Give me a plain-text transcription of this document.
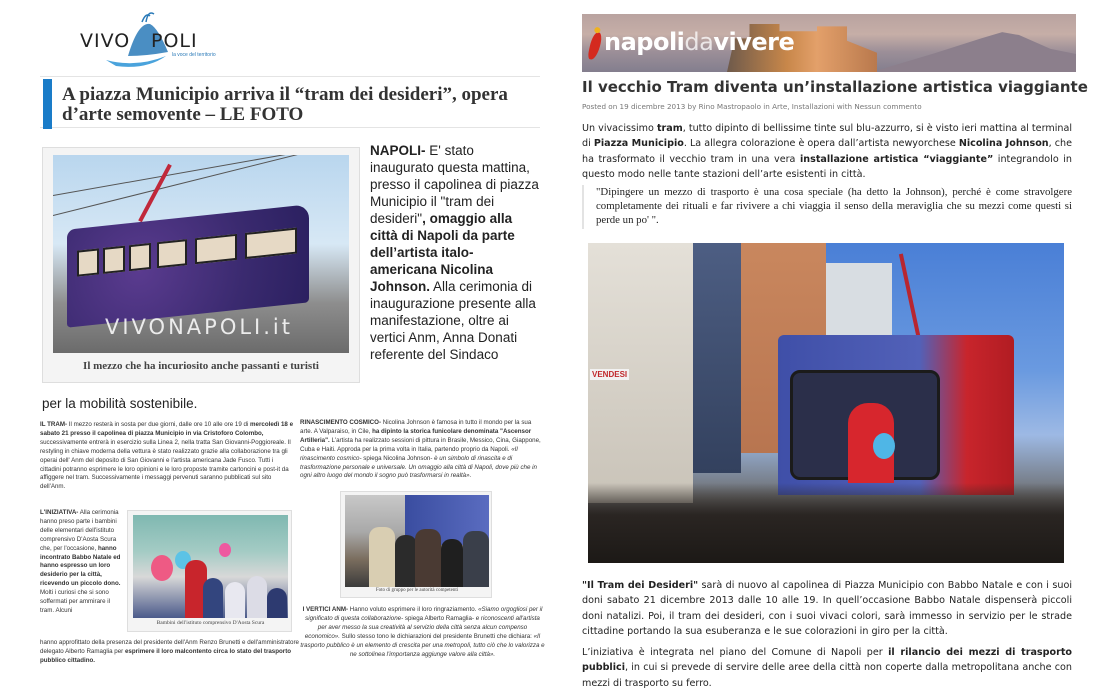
VIVO POLI
la voce del territorio
A piazza Municipio arriva il “tram dei desideri”, opera d’arte semovente – LE FOTO
VIVONAPOLI.it
Il mezzo che ha incuriosito anche passanti e turisti

NAPOLI- E' stato inaugurato questa mattina, presso il capolinea di piazza Municipio il "tram dei desideri", omaggio alla città di Napoli da parte dell’artista italo-americana Nicolina Johnson. Alla cerimonia di inaugurazione presente alla manifestazione, oltre ai vertici Anm, Anna Donati referente del Sindaco

per la mobilità sostenibile.

IL TRAM- Il mezzo resterà in sosta per due giorni, dalle ore 10 alle ore 19 di mercoledì 18 e sabato 21 presso il capolinea di piazza Municipio in via Cristoforo Colombo, successivamente entrerà in esercizio sulla Linea 2, nella tratta San Giovanni-Poggioreale. Il restyling in chiave moderna della vettura è stato realizzato grazie alla collaborazione tra gli operai dell' Anm del deposito di San Giovanni e l'artista americana Jade Fusco. Tutti i cittadini potranno esprimere le loro opinioni e le loro proposte tramite cartoncini e post-it da affiggere nel tram. Successivamente i messaggi pervenuti saranno pubblicati sul sito dell'Anm.

RINASCIMENTO COSMICO- Nicolina Johnson è famosa in tutto il mondo per la sua arte. A Valparaiso, in Cile, ha dipinto la storica funicolare denominata "Ascensor Artilleria". L'artista ha realizzato sessioni di pittura in Brasile, Messico, Cina, Giappone, Cuba e Haiti. Approda per la prima volta in Italia, partendo proprio da Napoli. «Il rinascimento cosmico- spiega Nicolina Johnson- è un simbolo di rinascita e di trasformazione personale e universale. Un omaggio alla città di Napoli, dove più che in ogni altro luogo del mondo il sogno può trasformarsi in realtà».

L'INIZIATIVA- Alla cerimonia hanno preso parte i bambini delle elementari dell'istituto comprensivo D'Aosta Scura che, per l'occasione, hanno incontrato Babbo Natale ed hanno espresso un loro desiderio per la città, ricevendo un piccolo dono. Molti i curiosi che si sono soffermati per ammirare il tram. Alcuni

hanno approfittato della presenza del presidente dell'Anm Renzo Brunetti e dell'amministratore delegato Alberto Ramaglia per esprimere il loro malcontento circa lo stato del trasporto pubblico cittadino.

Bambini dell'istituto comprensivo D'Aosta Scura
Foto di gruppo per le autorità competenti

I VERTICI ANM- Hanno voluto esprimere il loro ringraziamento. «Siamo orgogliosi per il significato di questa collaborazione- spiega Alberto Ramaglia- e riconoscenti all'artista per aver messo la sua creatività al servizio della città senza alcun compenso economico». Sullo stesso tono le dichiarazioni del presidente Brunetti che dichiara: «Il trasporto pubblico è un elemento di crescita per una metropoli, tutto ciò che lo valorizza e ne sottolinea l'importanza aggiunge valore alla città».

napolidavivere
Il vecchio Tram diventa un’installazione artistica viaggiante
Posted on 19 dicembre 2013 by Rino Mastropaolo in Arte, Installazioni with Nessun commento

Un vivacissimo tram, tutto dipinto di bellissime tinte sul blu-azzurro, si è visto ieri mattina al terminal di Piazza Municipio. La allegra colorazione è opera dall’artista newyorchese Nicolina Johnson, che ha trasformato il vecchio tram in una vera installazione artistica “viaggiante” integrandolo in questo modo nelle tante stazioni dell’arte esistenti in città.

"Dipingere un mezzo di trasporto è una cosa speciale (ha detto la Johnson), perché è come stravolgere completamente dei rituali e far rivivere a chi viaggia il senso della meraviglia che su mezzi come questi si perde un po' ".
VENDESI

"Il Tram dei Desideri" sarà di nuovo al capolinea di Piazza Municipio con Babbo Natale e con i suoi doni sabato 21 dicembre 2013 dalle 10 alle 19. In quell’occasione Babbo Natale dispenserà piccoli doni natalizi. Poi, il tram dei desideri, con i suoi vivaci colori, sarà immesso in servizio per le strade cittadine portando la sua esuberanza e le sue colorazioni in giro per la città.

L’iniziativa è integrata nel piano del Comune di Napoli per il rilancio dei mezzi di trasporto pubblici, in cui si prevede di servire delle aree della città non coperte dalla metropolitana anche con mezzi di trasporto su ferro.
